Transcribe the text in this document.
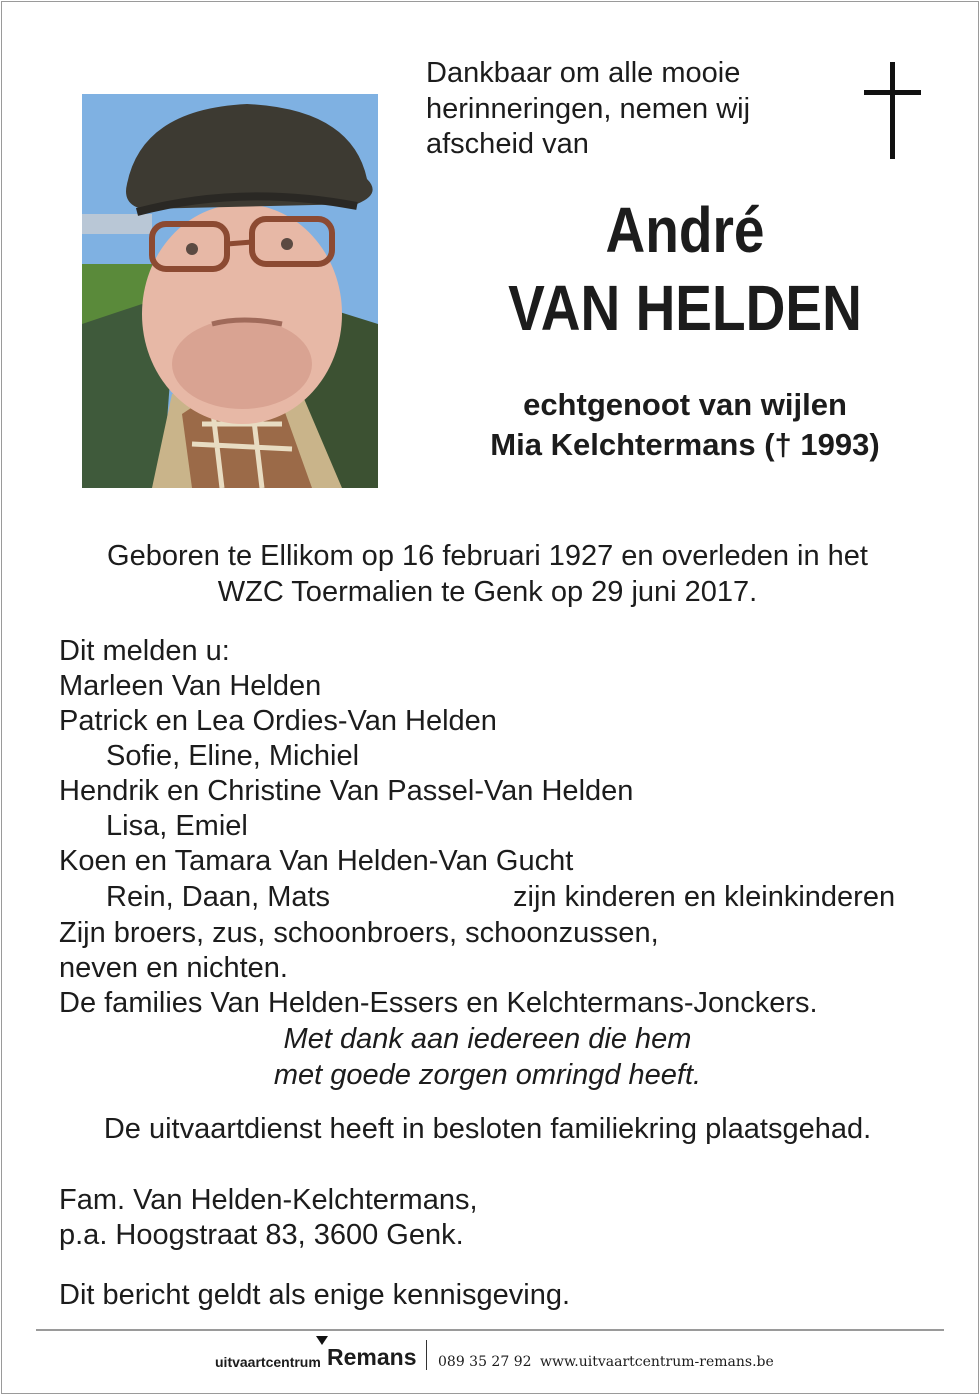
Dankbaar om alle mooie
herinneringen, nemen wij
afscheid van
André
VAN HELDEN
echtgenoot van wijlen
Mia Kelchtermans († 1993)
Geboren te Ellikom op 16 februari 1927 en overleden in het
WZC Toermalien te Genk op 29 juni 2017.
Dit melden u:
Marleen Van Helden
Patrick en Lea Ordies-Van Helden
Sofie, Eline, Michiel
Hendrik en Christine Van Passel-Van Helden
Lisa, Emiel
Koen en Tamara Van Helden-Van Gucht
Rein, Daan, Mats	zijn kinderen en kleinkinderen
Zijn broers, zus, schoonbroers, schoonzussen,
neven en nichten.
De families Van Helden-Essers en Kelchtermans-Jonckers.
Met dank aan iedereen die hem
met goede zorgen omringd heeft.
De uitvaartdienst heeft in besloten familiekring plaatsgehad.
Fam. Van Helden-Kelchtermans,
p.a. Hoogstraat 83, 3600 Genk.
Dit bericht geldt als enige kennisgeving.
uitvaartcentrum Remans 089 35 27 92 www.uitvaartcentrum-remans.be
